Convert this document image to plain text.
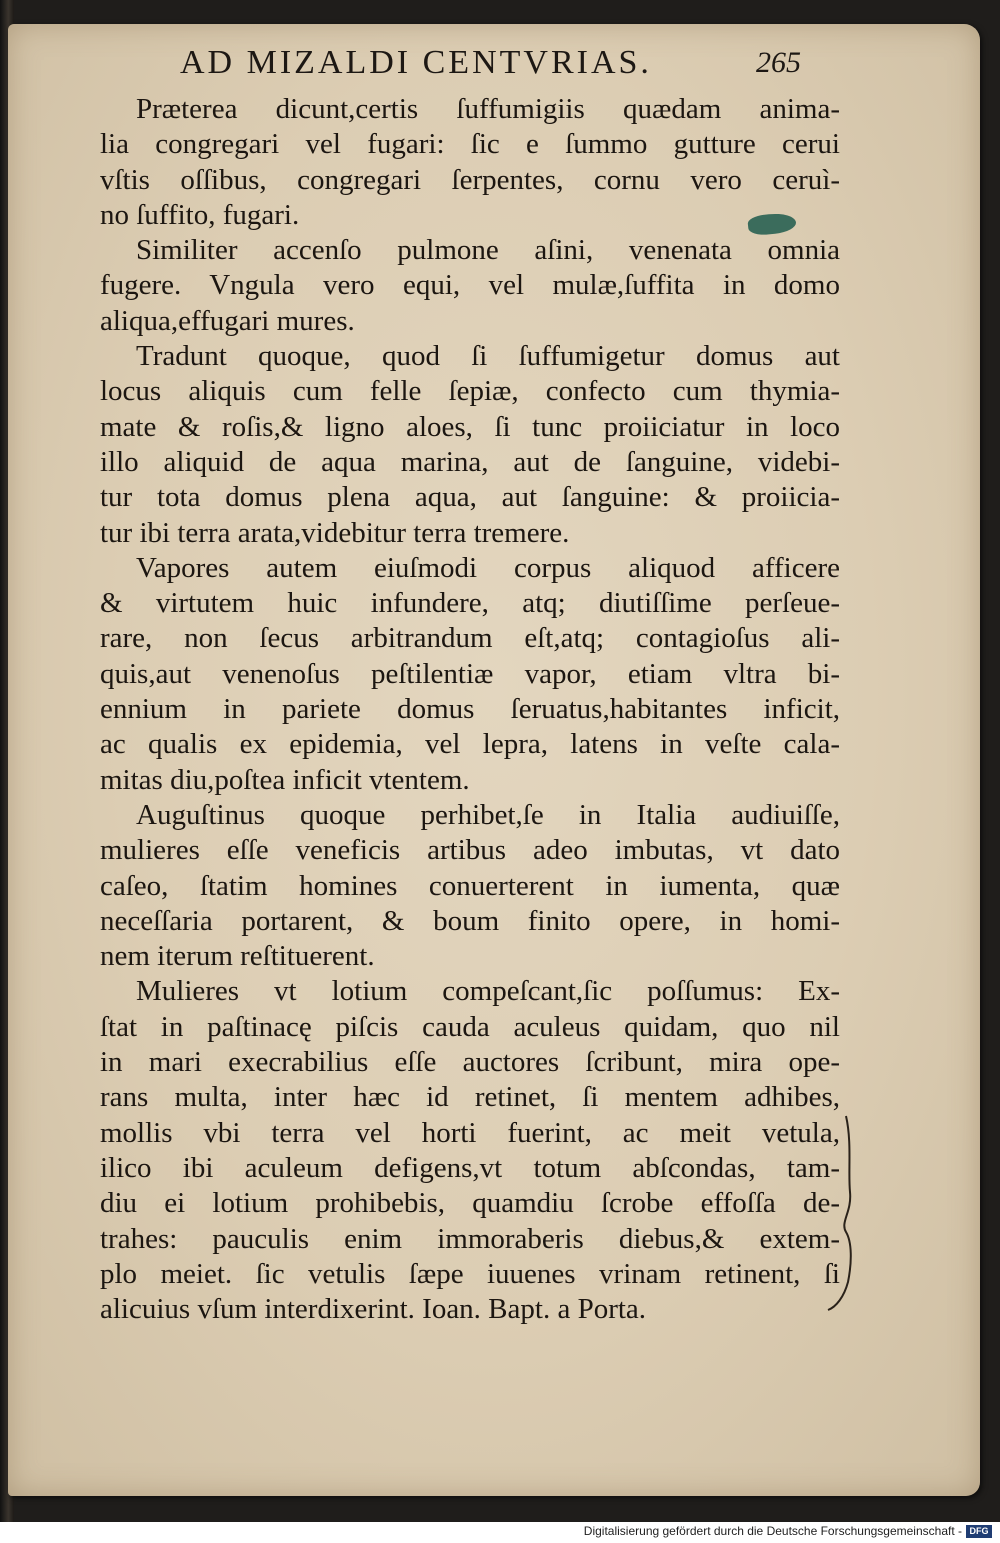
AD MIZALDI CENTVRIAS.	265
Præterea dicunt,certis ſuffumigiis quædam anima-
lia congregari vel fugari: ſic e ſummo gutture cerui
vſtis oſſibus, congregari ſerpentes, cornu vero ceruì-
no ſuffito, fugari.
Similiter accenſo pulmone aſini, venenata omnia
fugere. Vngula vero equi, vel mulæ,ſuffita in domo
aliqua,effugari mures.
Tradunt quoque, quod ſi ſuffumigetur domus aut
locus aliquis cum felle ſepiæ, confecto cum thymia-
mate & roſis,& ligno aloes, ſi tunc proiiciatur in loco
illo aliquid de aqua marina, aut de ſanguine, videbi-
tur tota domus plena aqua, aut ſanguine: & proiicia-
tur ibi terra arata,videbitur terra tremere.
Vapores autem eiuſmodi corpus aliquod afficere
& virtutem huic infundere, atq; diutiſſime perſeue-
rare, non ſecus arbitrandum eſt,atq; contagioſus ali-
quis,aut venenoſus peſtilentiæ vapor, etiam vltra bi-
ennium in pariete domus ſeruatus,habitantes inficit,
ac qualis ex epidemia, vel lepra, latens in veſte cala-
mitas diu,poſtea inficit vtentem.
Auguſtinus quoque perhibet,ſe in Italia audiuiſſe,
mulieres eſſe veneficis artibus adeo imbutas, vt dato
caſeo, ſtatim homines conuerterent in iumenta, quæ
neceſſaria portarent, & boum finito opere, in homi-
nem iterum reſtituerent.
Mulieres vt lotium compeſcant,ſic poſſumus: Ex-
ſtat in paſtinacę piſcis cauda aculeus quidam, quo nil
in mari execrabilius eſſe auctores ſcribunt, mira ope-
rans multa, inter hæc id retinet, ſi mentem adhibes,
mollis vbi terra vel horti fuerint, ac meit vetula,
ilico ibi aculeum defigens,vt totum abſcondas, tam-
diu ei lotium prohibebis, quamdiu ſcrobe effoſſa de-
trahes: pauculis enim immoraberis diebus,& extem-
plo meiet. ſic vetulis ſæpe iuuenes vrinam retinent, ſi
alicuius vſum interdixerint. Ioan. Bapt. a Porta.
Digitalisierung gefördert durch die Deutsche Forschungsgemeinschaft - DFG
